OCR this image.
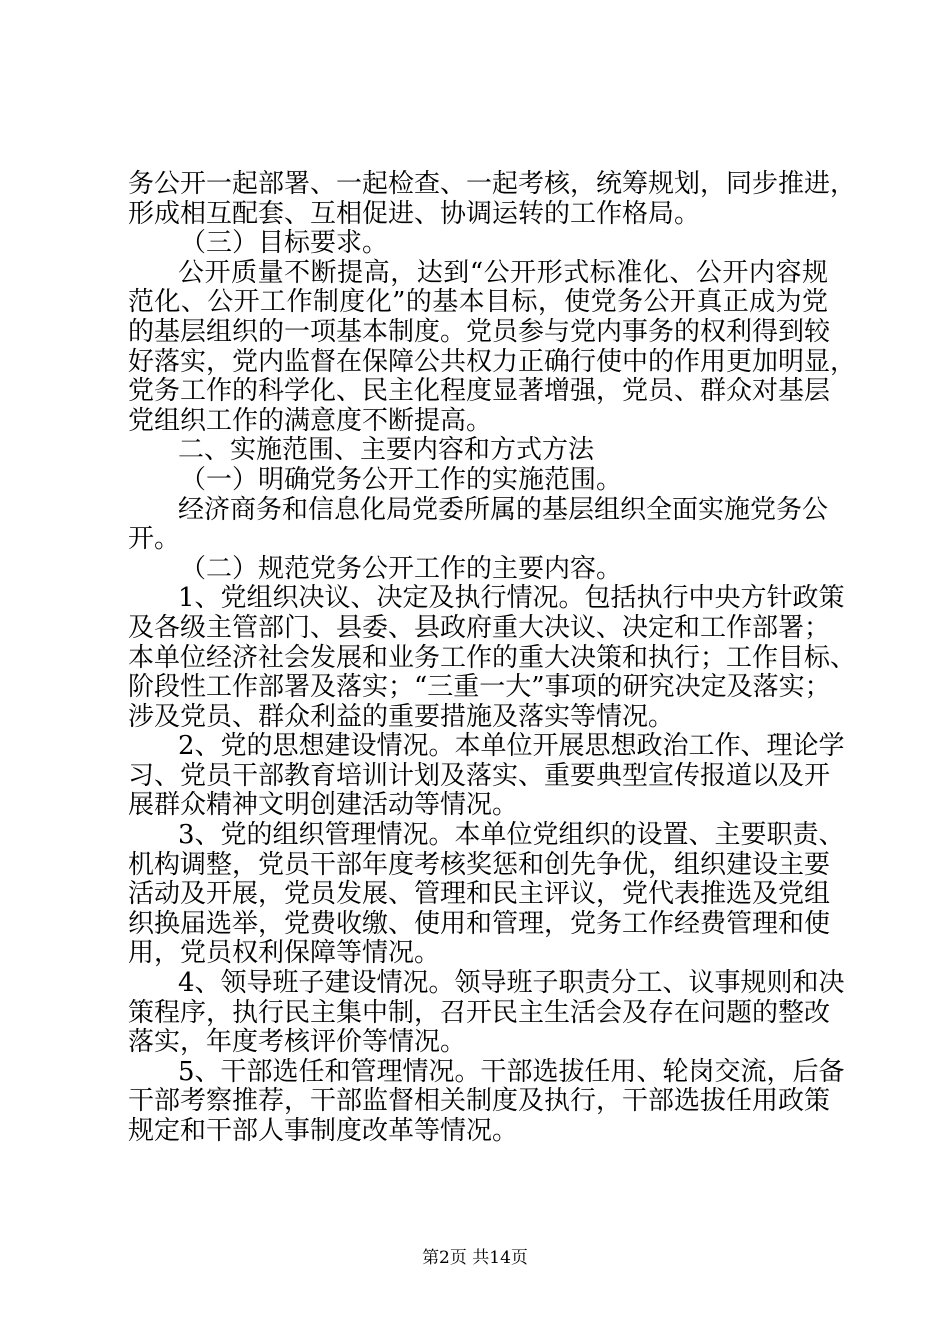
务公开一起部署、一起检查、一起考核，统筹规划，同步推进，

形成相互配套、互相促进、协调运转的工作格局。

（三）目标要求。

公开质量不断提高，达到“公开形式标准化、公开内容规

范化、公开工作制度化”的基本目标，使党务公开真正成为党

的基层组织的一项基本制度。党员参与党内事务的权利得到较

好落实，党内监督在保障公共权力正确行使中的作用更加明显，

党务工作的科学化、民主化程度显著增强，党员、群众对基层

党组织工作的满意度不断提高。

二、实施范围、主要内容和方式方法

（一）明确党务公开工作的实施范围。

经济商务和信息化局党委所属的基层组织全面实施党务公

开。

（二）规范党务公开工作的主要内容。

1、党组织决议、决定及执行情况。包括执行中央方针政策

及各级主管部门、县委、县政府重大决议、决定和工作部署；

本单位经济社会发展和业务工作的重大决策和执行；工作目标、

阶段性工作部署及落实；“三重一大”事项的研究决定及落实；

涉及党员、群众利益的重要措施及落实等情况。

2、党的思想建设情况。本单位开展思想政治工作、理论学

习、党员干部教育培训计划及落实、重要典型宣传报道以及开

展群众精神文明创建活动等情况。

3、党的组织管理情况。本单位党组织的设置、主要职责、

机构调整，党员干部年度考核奖惩和创先争优，组织建设主要

活动及开展，党员发展、管理和民主评议，党代表推选及党组

织换届选举，党费收缴、使用和管理，党务工作经费管理和使

用，党员权利保障等情况。

4、领导班子建设情况。领导班子职责分工、议事规则和决

策程序，执行民主集中制，召开民主生活会及存在问题的整改

落实，年度考核评价等情况。

5、干部选任和管理情况。干部选拔任用、轮岗交流，后备

干部考察推荐，干部监督相关制度及执行，干部选拔任用政策

规定和干部人事制度改革等情况。

第2页 共14页
